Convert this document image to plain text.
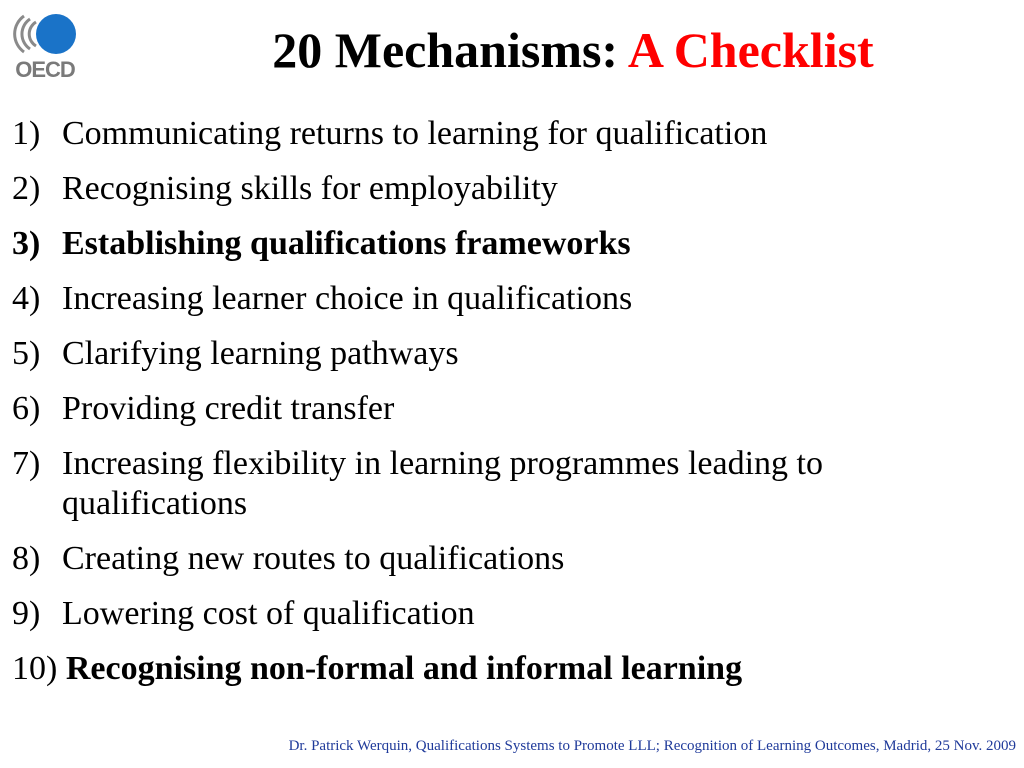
OECD	20 Mechanisms: A Checklist
1) Communicating returns to learning for qualification
2) Recognising skills for employability
3) Establishing qualifications frameworks
4) Increasing learner choice in qualifications
5) Clarifying learning pathways
6) Providing credit transfer
7) Increasing flexibility in learning programmes leading to qualifications
8) Creating new routes to qualifications
9) Lowering cost of qualification
10) Recognising non-formal and informal learning
Dr. Patrick Werquin, Qualifications Systems to Promote LLL; Recognition of Learning Outcomes, Madrid, 25 Nov. 2009
